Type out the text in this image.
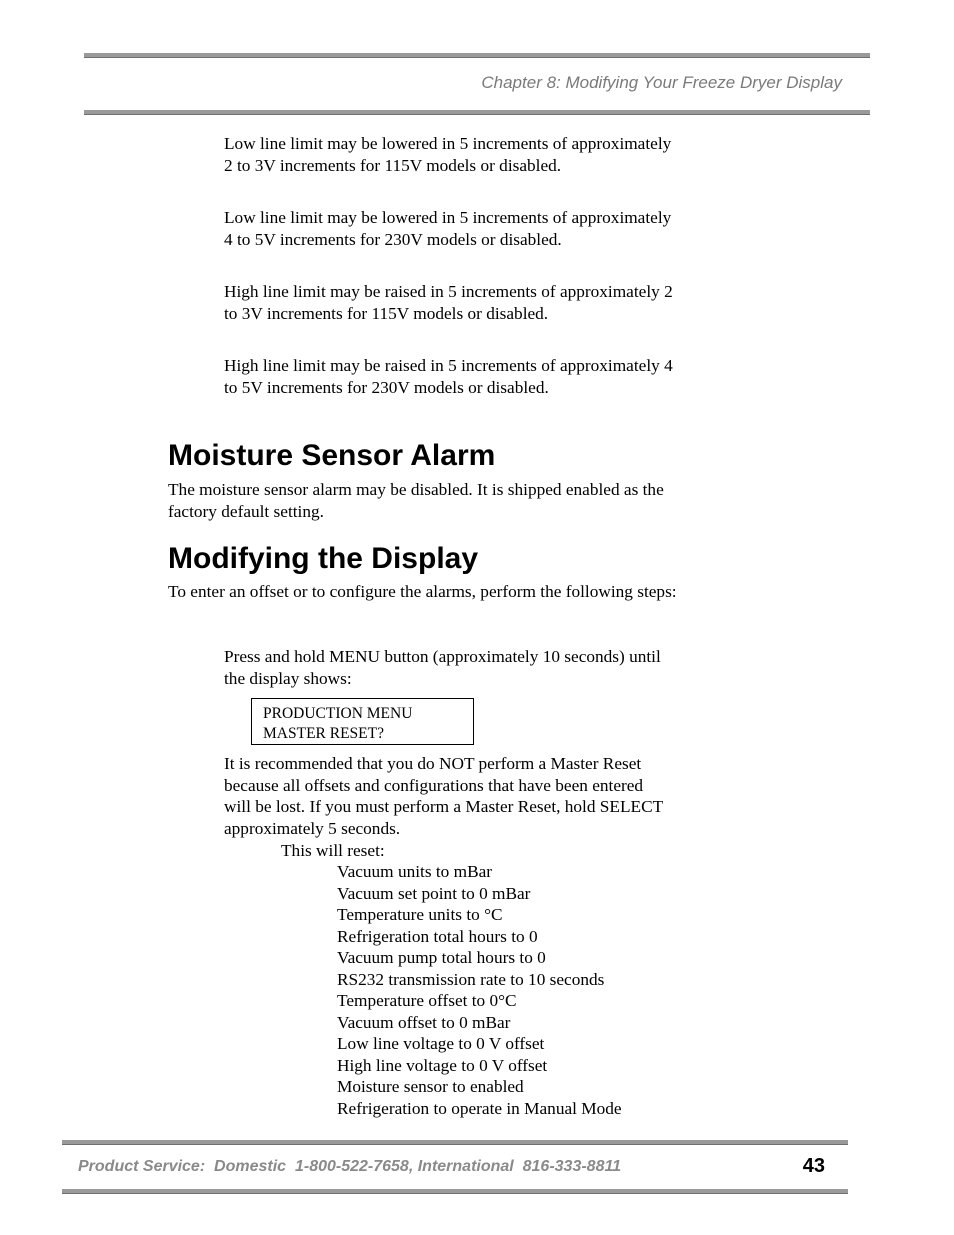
Chapter 8: Modifying Your Freeze Dryer Display

Low line limit may be lowered in 5 increments of approximately 2 to 3V increments for 115V models or disabled.

Low line limit may be lowered in 5 increments of approximately 4 to 5V increments for 230V models or disabled.

High line limit may be raised in 5 increments of approximately 2 to 3V increments for 115V models or disabled.

High line limit may be raised in 5 increments of approximately 4 to 5V increments for 230V models or disabled.

Moisture Sensor Alarm

The moisture sensor alarm may be disabled. It is shipped enabled as the factory default setting.

Modifying the Display

To enter an offset or to configure the alarms, perform the following steps:

Press and hold MENU button (approximately 10 seconds) until the display shows:

PRODUCTION MENU
MASTER RESET?

It is recommended that you do NOT perform a Master Reset because all offsets and configurations that have been entered will be lost. If you must perform a Master Reset, hold SELECT approximately 5 seconds.

This will reset:
Vacuum units to mBar
Vacuum set point to 0 mBar
Temperature units to °C
Refrigeration total hours to 0
Vacuum pump total hours to 0
RS232 transmission rate to 10 seconds
Temperature offset to 0°C
Vacuum offset to 0 mBar
Low line voltage to 0 V offset
High line voltage to 0 V offset
Moisture sensor to enabled
Refrigeration to operate in Manual Mode
Product Service:  Domestic  1-800-522-7658, International  816-333-8811	43
